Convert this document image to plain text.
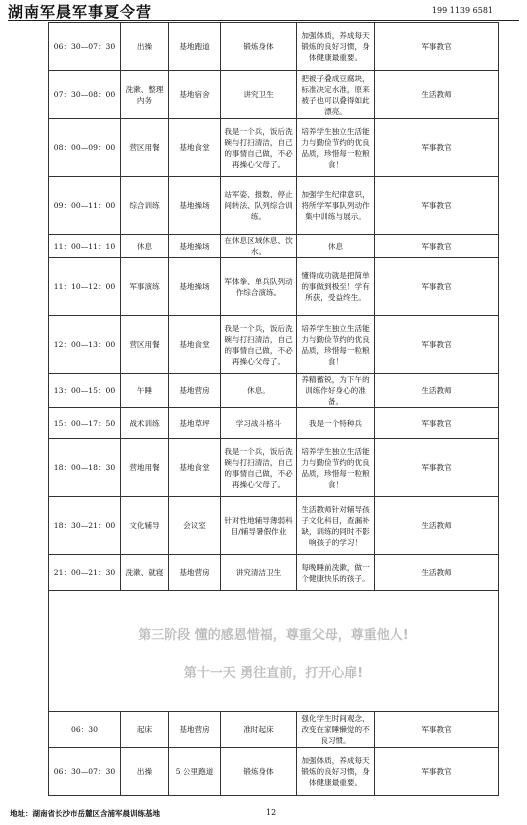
湖南军晨军事夏令营	199 1139 6581
06：30—07：30	出操	基地跑道	锻炼身体	加强体质，养成每天锻炼的良好习惯，身体健康最重要。	军事教官
07：30—08：00	洗漱、整理内务	基地宿舍	讲究卫生	把被子叠成豆腐块，标准决定水准，原来被子也可以叠得如此漂亮。	生活教师
08：00—09：00	营区用餐	基地食堂	我是一个兵，饭后洗碗与打扫清洁，自己的事情自己做，不必再操心父母了。	培养学生独立生活能力与勤俭节约的优良品质，珍惜每一粒粮食！	军事教官
09：00—11：00	综合训练	基地操场	站军姿、报数、停止间转法、队列综合训练。	加强学生纪律意识，将所学军事队列动作集中训练与展示。	军事教官
11：00—11：10	休息	基地操场	在休息区域休息、饮水。	休息	军事教官
11：10—12：00	军事演练	基地操场	军体拳、单兵队列动作综合演练。	懂得成功就是把简单的事做到极至！学有所获，受益终生。	军事教官
12：00—13：00	营区用餐	基地食堂	我是一个兵，饭后洗碗与打扫清洁，自己的事情自己做，不必再操心父母了。	培养学生独立生活能力与勤俭节约的优良品质，珍惜每一粒粮食！	军事教官
13：00—15：00	午睡	基地营房	休息。	养精蓄锐，为下午的训练作好身心的准备。	生活教师
15：00—17：50	战术训练	基地草坪	学习战斗格斗	我是一个特种兵	军事教官
18：00—18：30	营地用餐	基地食堂	我是一个兵，饭后洗碗与打扫清洁，自己的事情自己做，不必再操心父母了。	培养学生独立生活能力与勤俭节约的优良品质，珍惜每一粒粮食！	军事教官
18：30—21：00	文化辅导	会议室	针对性地辅导薄弱科目/辅导暑假作业	生活教师针对辅导孩子文化科目，查漏补缺，训练的同时不影响孩子的学习！	生活教师
21：00—21：30	洗漱、就寝	基地营房	讲究清洁卫生	每晚睡前洗漱，做一个健康快乐的孩子。	生活教师

第三阶段 懂的感恩惜福，尊重父母，尊重他人!
第十一天 勇往直前，打开心扉!					

06：30	起床	基地营房	准时起床	强化学生时间观念，改变在家睡懒觉的不良习惯。	军事教官
06：30—07：30	出操	5 公里跑道	锻炼身体	加强体质，养成每天锻炼的良好习惯，身体健康最重要。	军事教官
地址：湖南省长沙市岳麓区含浦军晨训练基地	12
